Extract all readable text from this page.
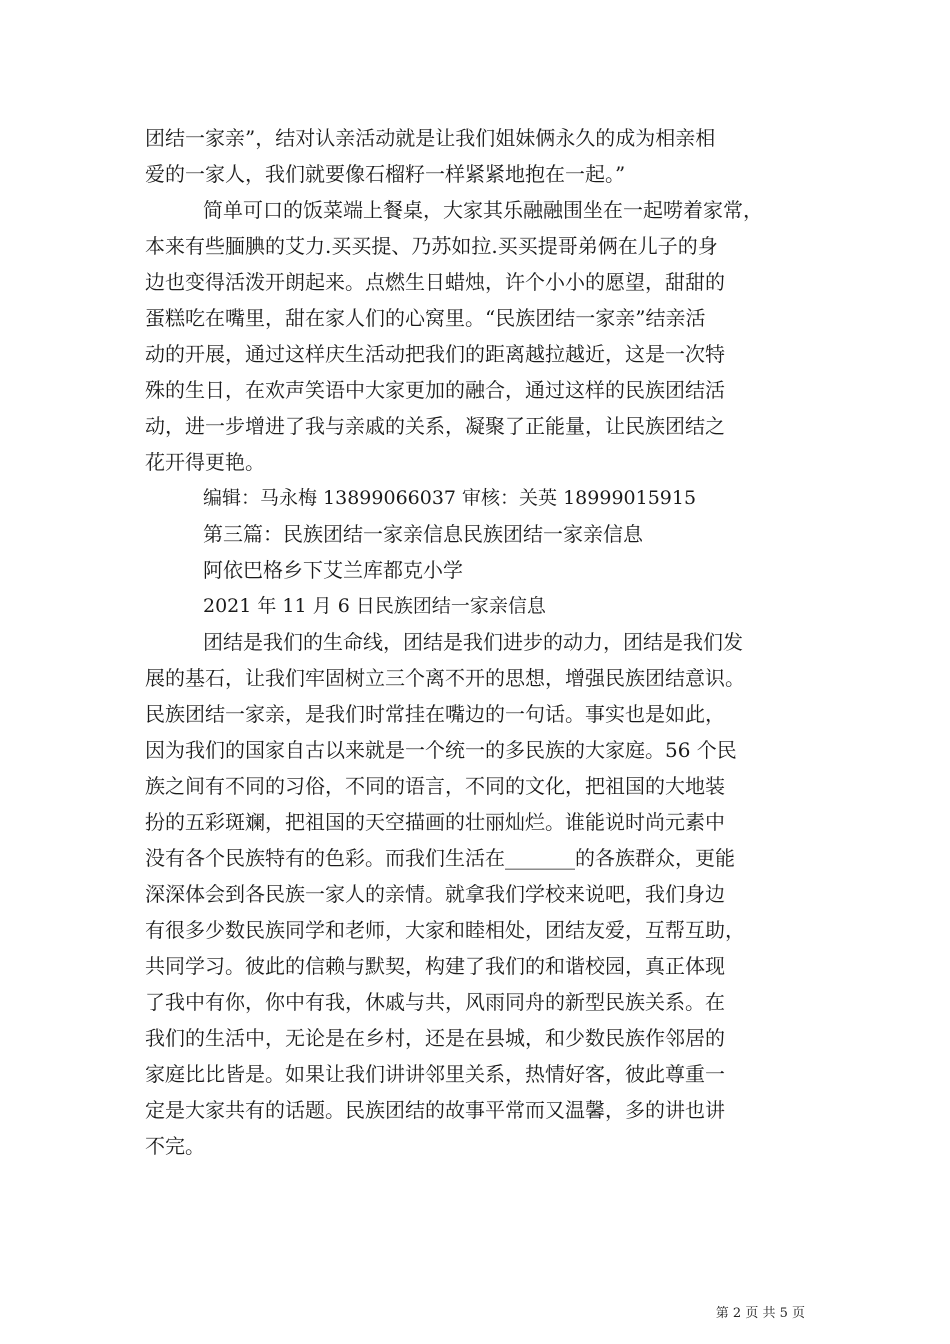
团结一家亲”，结对认亲活动就是让我们姐妹俩永久的成为相亲相
爱的一家人，我们就要像石榴籽一样紧紧地抱在一起。”
简单可口的饭菜端上餐桌，大家其乐融融围坐在一起唠着家常，
本来有些腼腆的艾力.买买提、乃苏如拉.买买提哥弟俩在儿子的身
边也变得活泼开朗起来。点燃生日蜡烛，许个小小的愿望，甜甜的
蛋糕吃在嘴里，甜在家人们的心窝里。“民族团结一家亲”结亲活
动的开展，通过这样庆生活动把我们的距离越拉越近，这是一次特
殊的生日，在欢声笑语中大家更加的融合，通过这样的民族团结活
动，进一步增进了我与亲戚的关系，凝聚了正能量，让民族团结之
花开得更艳。
编辑：马永梅 13899066037 审核：关英 18999015915
第三篇：民族团结一家亲信息民族团结一家亲信息
阿依巴格乡下艾兰库都克小学
2021 年 11 月 6 日民族团结一家亲信息
团结是我们的生命线，团结是我们进步的动力，团结是我们发
展的基石，让我们牢固树立三个离不开的思想，增强民族团结意识。
民族团结一家亲，是我们时常挂在嘴边的一句话。事实也是如此，
因为我们的国家自古以来就是一个统一的多民族的大家庭。56 个民
族之间有不同的习俗，不同的语言，不同的文化，把祖国的大地装
扮的五彩斑斓，把祖国的天空描画的壮丽灿烂。谁能说时尚元素中
没有各个民族特有的色彩。而我们生活在_______的各族群众，更能
深深体会到各民族一家人的亲情。就拿我们学校来说吧，我们身边
有很多少数民族同学和老师，大家和睦相处，团结友爱，互帮互助，
共同学习。彼此的信赖与默契，构建了我们的和谐校园，真正体现
了我中有你，你中有我，休戚与共，风雨同舟的新型民族关系。在
我们的生活中，无论是在乡村，还是在县城，和少数民族作邻居的
家庭比比皆是。如果让我们讲讲邻里关系，热情好客，彼此尊重一
定是大家共有的话题。民族团结的故事平常而又温馨，多的讲也讲
不完。
第 2 页 共 5 页
